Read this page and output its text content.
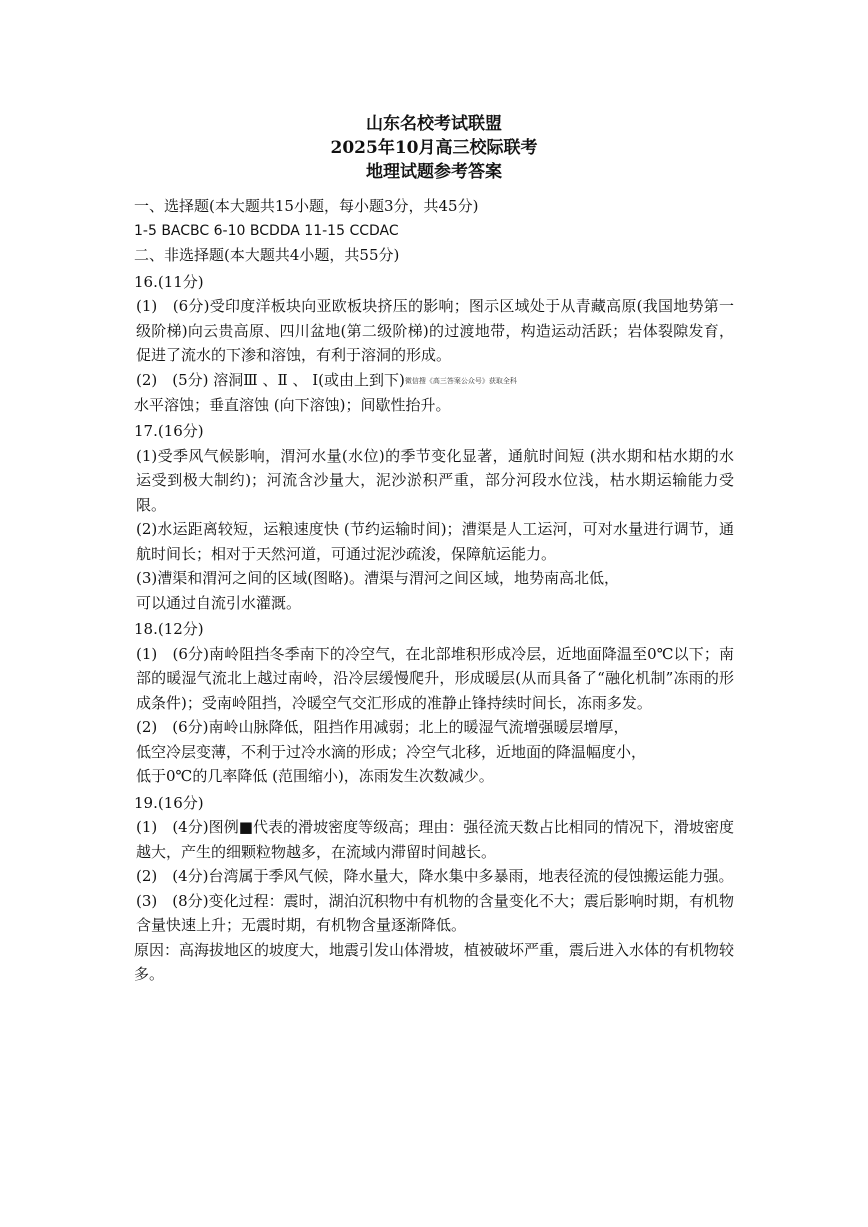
山东名校考试联盟
2025年10月高三校际联考
地理试题参考答案
一、选择题(本大题共15小题，每小题3分，共45分)
1-5 BACBC 6-10 BCDDA 11-15 CCDAC
二、非选择题(本大题共4小题，共55分)
16.(11分)
(1)　(6分)受印度洋板块向亚欧板块挤压的影响；图示区域处于从青藏高原(我国地势第一级阶梯)向云贵高原、四川盆地(第二级阶梯)的过渡地带，构造运动活跃；岩体裂隙发育，促进了流水的下渗和溶蚀，有利于溶洞的形成。
(2)　(5分) 溶洞Ⅲ 、Ⅱ 、 Ⅰ(或由上到下)微信搜《高三答案公众号》获取全科
水平溶蚀；垂直溶蚀 (向下溶蚀)；间歇性抬升。
17.(16分)
(1)受季风气候影响，渭河水量(水位)的季节变化显著，通航时间短 (洪水期和枯水期的水运受到极大制约)；河流含沙量大，泥沙淤积严重，部分河段水位浅，枯水期运输能力受限。
(2)水运距离较短，运粮速度快 (节约运输时间)；漕渠是人工运河，可对水量进行调节，通航时间长；相对于天然河道，可通过泥沙疏浚，保障航运能力。
(3)漕渠和渭河之间的区域(图略)。漕渠与渭河之间区域，地势南高北低，
可以通过自流引水灌溉。
18.(12分)
(1)　(6分)南岭阻挡冬季南下的冷空气，在北部堆积形成冷层，近地面降温至0℃以下；南部的暖湿气流北上越过南岭，沿冷层缓慢爬升，形成暖层(从而具备了“融化机制”冻雨的形成条件)；受南岭阻挡，冷暖空气交汇形成的准静止锋持续时间长，冻雨多发。
(2)　(6分)南岭山脉降低，阻挡作用减弱；北上的暖湿气流增强暖层增厚，
低空冷层变薄，不利于过冷水滴的形成；冷空气北移，近地面的降温幅度小，
低于0℃的几率降低 (范围缩小)，冻雨发生次数减少。
19.(16分)
(1)　(4分)图例■代表的滑坡密度等级高；理由：强径流天数占比相同的情况下，滑坡密度越大，产生的细颗粒物越多，在流域内滞留时间越长。
(2)　(4分)台湾属于季风气候，降水量大，降水集中多暴雨，地表径流的侵蚀搬运能力强。
(3)　(8分)变化过程：震时，湖泊沉积物中有机物的含量变化不大；震后影响时期，有机物含量快速上升；无震时期，有机物含量逐渐降低。
原因：高海拔地区的坡度大，地震引发山体滑坡，植被破坏严重，震后进入水体的有机物较多。
